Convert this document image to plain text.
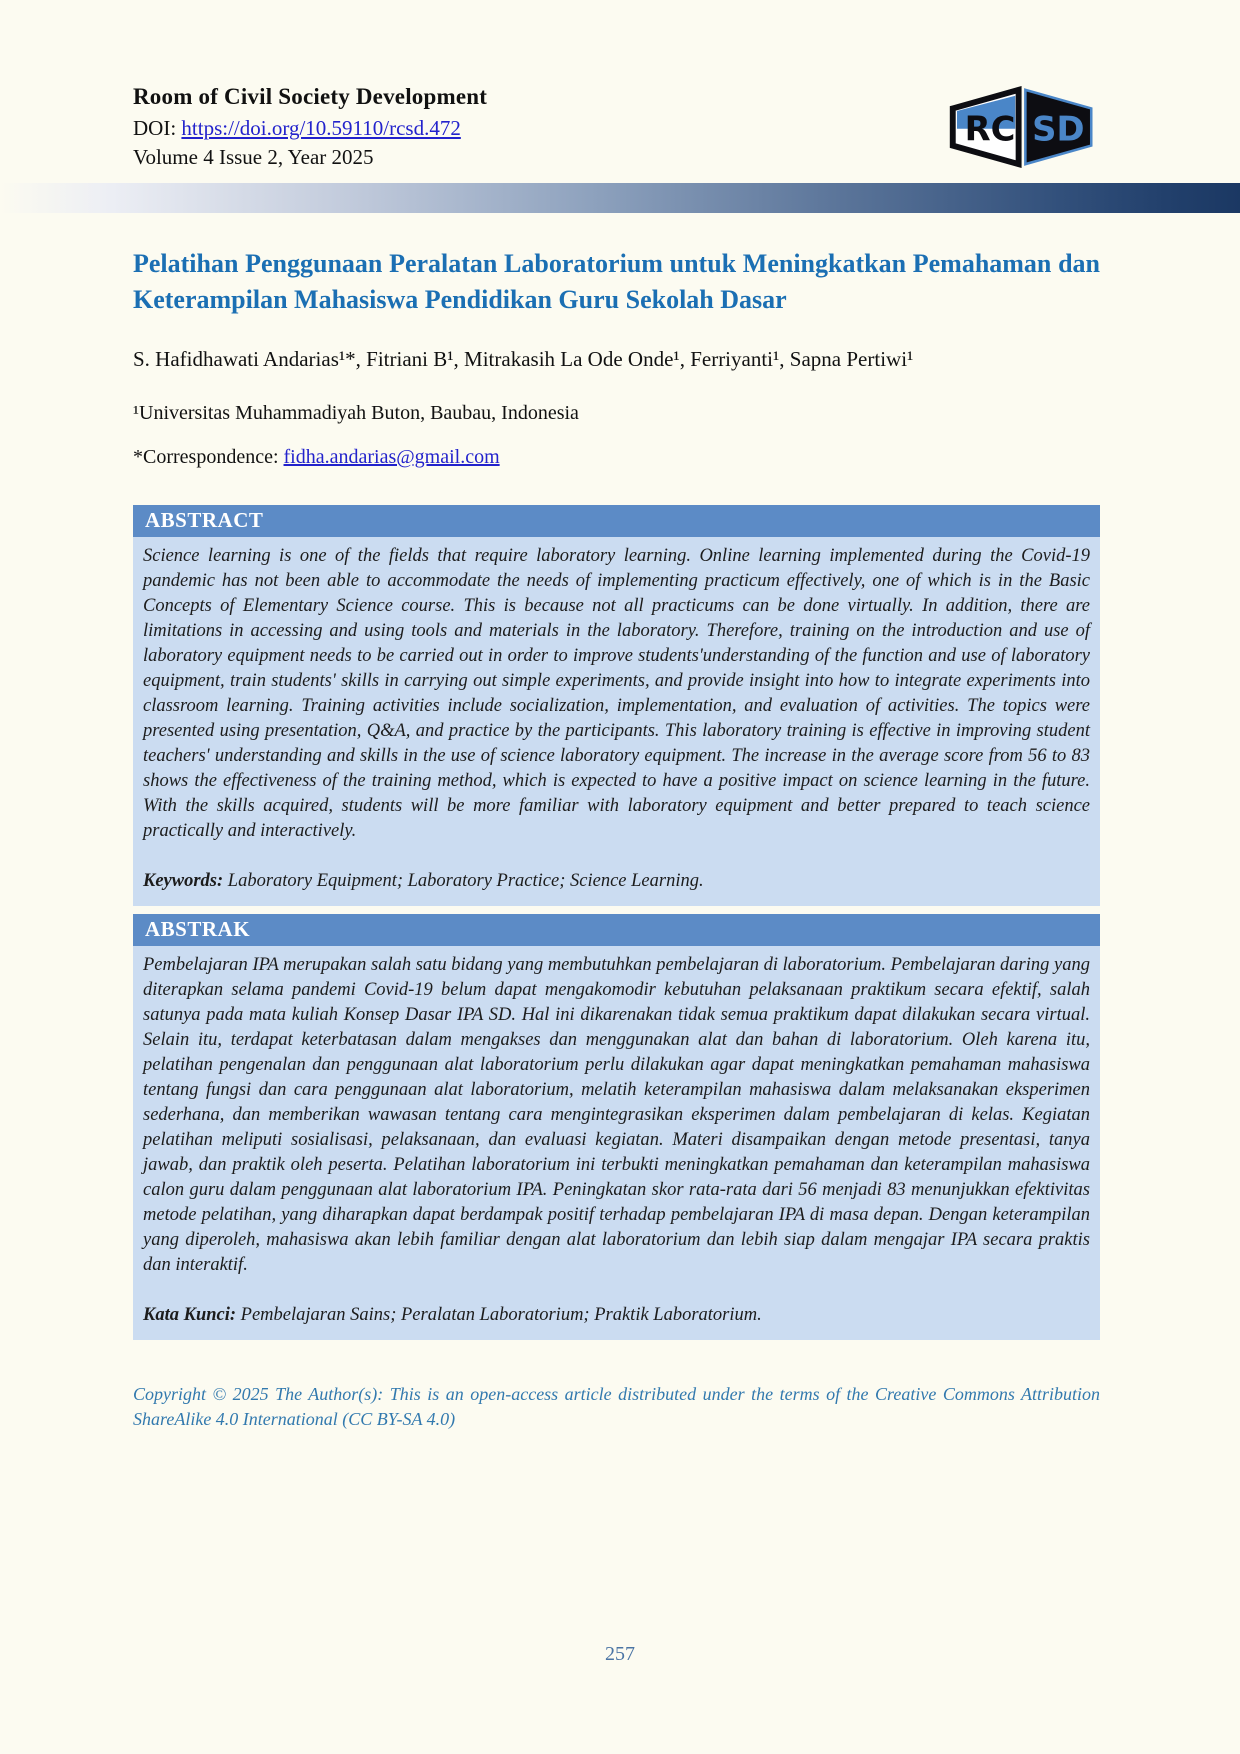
Room of Civil Society Development
DOI: https://doi.org/10.59110/rcsd.472
Volume 4 Issue 2, Year 2025
RC SD
Pelatihan Penggunaan Peralatan Laboratorium untuk Meningkatkan Pemahaman dan Keterampilan Mahasiswa Pendidikan Guru Sekolah Dasar
S. Hafidhawati Andarias¹*, Fitriani B¹, Mitrakasih La Ode Onde¹, Ferriyanti¹, Sapna Pertiwi¹
¹Universitas Muhammadiyah Buton, Baubau, Indonesia
*Correspondence: fidha.andarias@gmail.com
ABSTRACT
Science learning is one of the fields that require laboratory learning. Online learning implemented during the Covid-19 pandemic has not been able to accommodate the needs of implementing practicum effectively, one of which is in the Basic Concepts of Elementary Science course. This is because not all practicums can be done virtually. In addition, there are limitations in accessing and using tools and materials in the laboratory. Therefore, training on the introduction and use of laboratory equipment needs to be carried out in order to improve students'understanding of the function and use of laboratory equipment, train students' skills in carrying out simple experiments, and provide insight into how to integrate experiments into classroom learning. Training activities include socialization, implementation, and evaluation of activities. The topics were presented using presentation, Q&A, and practice by the participants. This laboratory training is effective in improving student teachers' understanding and skills in the use of science laboratory equipment. The increase in the average score from 56 to 83 shows the effectiveness of the training method, which is expected to have a positive impact on science learning in the future. With the skills acquired, students will be more familiar with laboratory equipment and better prepared to teach science practically and interactively.
Keywords: Laboratory Equipment; Laboratory Practice; Science Learning.
ABSTRAK
Pembelajaran IPA merupakan salah satu bidang yang membutuhkan pembelajaran di laboratorium. Pembelajaran daring yang diterapkan selama pandemi Covid-19 belum dapat mengakomodir kebutuhan pelaksanaan praktikum secara efektif, salah satunya pada mata kuliah Konsep Dasar IPA SD. Hal ini dikarenakan tidak semua praktikum dapat dilakukan secara virtual. Selain itu, terdapat keterbatasan dalam mengakses dan menggunakan alat dan bahan di laboratorium. Oleh karena itu, pelatihan pengenalan dan penggunaan alat laboratorium perlu dilakukan agar dapat meningkatkan pemahaman mahasiswa tentang fungsi dan cara penggunaan alat laboratorium, melatih keterampilan mahasiswa dalam melaksanakan eksperimen sederhana, dan memberikan wawasan tentang cara mengintegrasikan eksperimen dalam pembelajaran di kelas. Kegiatan pelatihan meliputi sosialisasi, pelaksanaan, dan evaluasi kegiatan. Materi disampaikan dengan metode presentasi, tanya jawab, dan praktik oleh peserta. Pelatihan laboratorium ini terbukti meningkatkan pemahaman dan keterampilan mahasiswa calon guru dalam penggunaan alat laboratorium IPA. Peningkatan skor rata-rata dari 56 menjadi 83 menunjukkan efektivitas metode pelatihan, yang diharapkan dapat berdampak positif terhadap pembelajaran IPA di masa depan. Dengan keterampilan yang diperoleh, mahasiswa akan lebih familiar dengan alat laboratorium dan lebih siap dalam mengajar IPA secara praktis dan interaktif.
Kata Kunci: Pembelajaran Sains; Peralatan Laboratorium; Praktik Laboratorium.
Copyright © 2025 The Author(s): This is an open-access article distributed under the terms of the Creative Commons Attribution ShareAlike 4.0 International (CC BY-SA 4.0)
257
